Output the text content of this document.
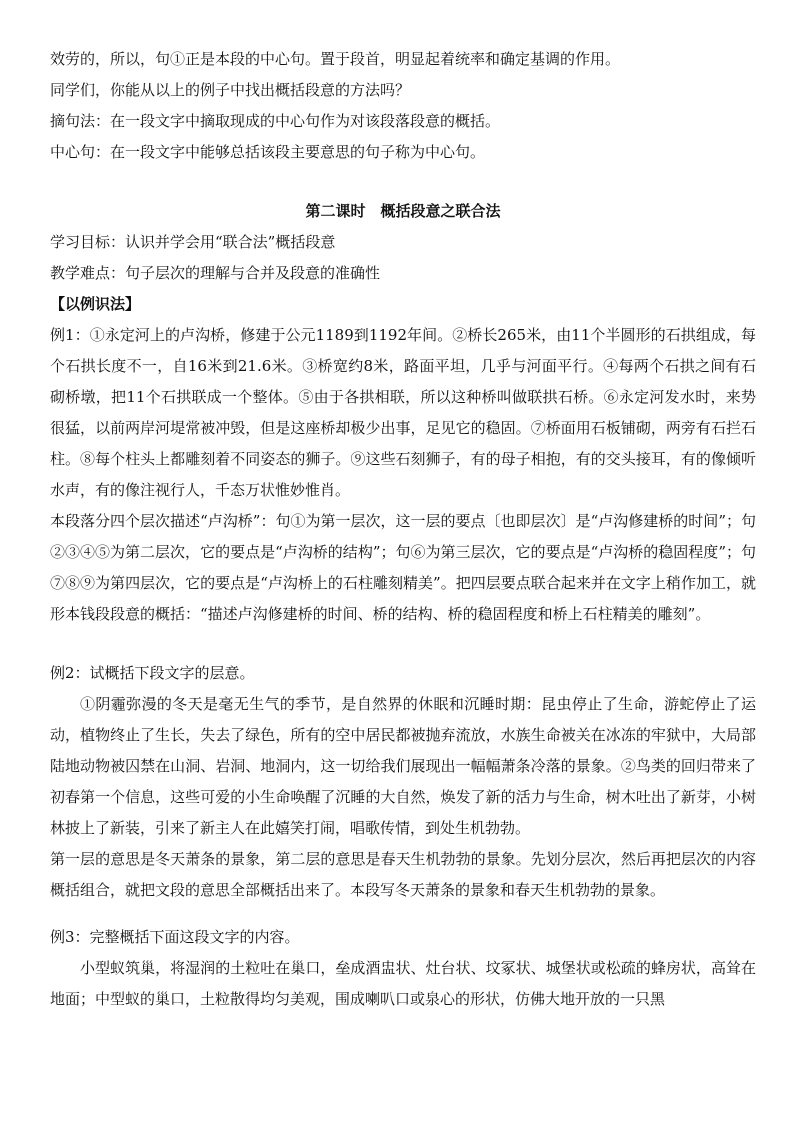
效劳的，所以，句①正是本段的中心句。置于段首，明显起着统率和确定基调的作用。

同学们，你能从以上的例子中找出概括段意的方法吗？

摘句法：在一段文字中摘取现成的中心句作为对该段落段意的概括。

中心句：在一段文字中能够总括该段主要意思的句子称为中心句。

第二课时　概括段意之联合法

学习目标：认识并学会用“联合法”概括段意

教学难点：句子层次的理解与合并及段意的准确性

【以例识法】

例1：①永定河上的卢沟桥，修建于公元1189到1192年间。②桥长265米，由11个半圆形的石拱组成，每个石拱长度不一，自16米到21.6米。③桥宽约8米，路面平坦，几乎与河面平行。④每两个石拱之间有石砌桥墩，把11个石拱联成一个整体。⑤由于各拱相联，所以这种桥叫做联拱石桥。⑥永定河发水时，来势很猛，以前两岸河堤常被冲毁，但是这座桥却极少出事，足见它的稳固。⑦桥面用石板铺砌，两旁有石拦石柱。⑧每个柱头上都雕刻着不同姿态的狮子。⑨这些石刻狮子，有的母子相抱，有的交头接耳，有的像倾听水声，有的像注视行人，千态万状惟妙惟肖。

本段落分四个层次描述“卢沟桥”：句①为第一层次，这一层的要点〔也即层次〕是“卢沟修建桥的时间”；句②③④⑤为第二层次，它的要点是“卢沟桥的结构”；句⑥为第三层次，它的要点是“卢沟桥的稳固程度”；句⑦⑧⑨为第四层次，它的要点是“卢沟桥上的石柱雕刻精美”。把四层要点联合起来并在文字上稍作加工，就形本钱段段意的概括：“描述卢沟修建桥的时间、桥的结构、桥的稳固程度和桥上石柱精美的雕刻”。

例2：试概括下段文字的层意。

①阴霾弥漫的冬天是毫无生气的季节，是自然界的休眠和沉睡时期：昆虫停止了生命，游蛇停止了运动，植物终止了生长，失去了绿色，所有的空中居民都被抛弃流放，水族生命被关在冰冻的牢狱中，大局部陆地动物被囚禁在山洞、岩洞、地洞内，这一切给我们展现出一幅幅萧条冷落的景象。②鸟类的回归带来了初春第一个信息，这些可爱的小生命唤醒了沉睡的大自然，焕发了新的活力与生命，树木吐出了新芽，小树林披上了新装，引来了新主人在此嬉笑打闹，唱歌传情，到处生机勃勃。

第一层的意思是冬天萧条的景象，第二层的意思是春天生机勃勃的景象。先划分层次，然后再把层次的内容概括组合，就把文段的意思全部概括出来了。本段写冬天萧条的景象和春天生机勃勃的景象。

例3：完整概括下面这段文字的内容。

小型蚁筑巢，将湿润的土粒吐在巢口，垒成酒盅状、灶台状、坟冢状、城堡状或松疏的蜂房状，高耸在地面；中型蚁的巢口，土粒散得均匀美观，围成喇叭口或泉心的形状，仿佛大地开放的一只黑
